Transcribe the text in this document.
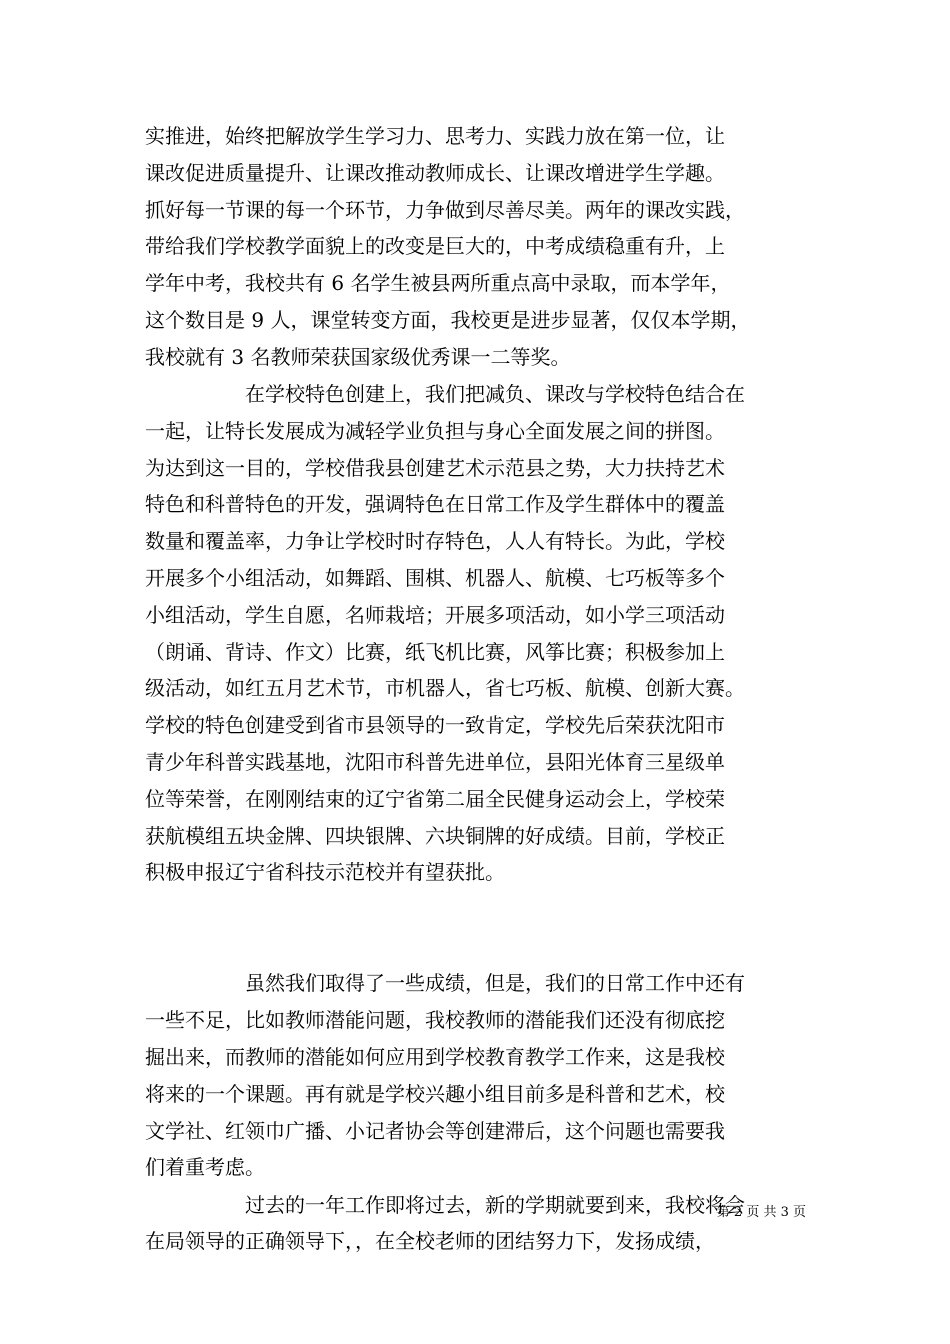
实推进，始终把解放学生学习力、思考力、实践力放在第一位，让
课改促进质量提升、让课改推动教师成长、让课改增进学生学趣。
抓好每一节课的每一个环节，力争做到尽善尽美。两年的课改实践，
带给我们学校教学面貌上的改变是巨大的，中考成绩稳重有升，上
学年中考，我校共有 6 名学生被县两所重点高中录取，而本学年，
这个数目是 9 人，课堂转变方面，我校更是进步显著，仅仅本学期，
我校就有 3 名教师荣获国家级优秀课一二等奖。
在学校特色创建上，我们把减负、课改与学校特色结合在
一起，让特长发展成为减轻学业负担与身心全面发展之间的拼图。
为达到这一目的，学校借我县创建艺术示范县之势，大力扶持艺术
特色和科普特色的开发，强调特色在日常工作及学生群体中的覆盖
数量和覆盖率，力争让学校时时存特色，人人有特长。为此，学校
开展多个小组活动，如舞蹈、围棋、机器人、航模、七巧板等多个
小组活动，学生自愿，名师栽培；开展多项活动，如小学三项活动
（朗诵、背诗、作文）比赛，纸飞机比赛，风筝比赛；积极参加上
级活动，如红五月艺术节，市机器人，省七巧板、航模、创新大赛。
学校的特色创建受到省市县领导的一致肯定，学校先后荣获沈阳市
青少年科普实践基地，沈阳市科普先进单位，县阳光体育三星级单
位等荣誉，在刚刚结束的辽宁省第二届全民健身运动会上，学校荣
获航模组五块金牌、四块银牌、六块铜牌的好成绩。目前，学校正
积极申报辽宁省科技示范校并有望获批。
虽然我们取得了一些成绩，但是，我们的日常工作中还有
一些不足，比如教师潜能问题，我校教师的潜能我们还没有彻底挖
掘出来，而教师的潜能如何应用到学校教育教学工作来，这是我校
将来的一个课题。再有就是学校兴趣小组目前多是科普和艺术，校
文学社、红领巾广播、小记者协会等创建滞后，这个问题也需要我
们着重考虑。
过去的一年工作即将过去，新的学期就要到来，我校将会
在局领导的正确领导下，，在全校老师的团结努力下，发扬成绩，
第 2 页 共 3 页
